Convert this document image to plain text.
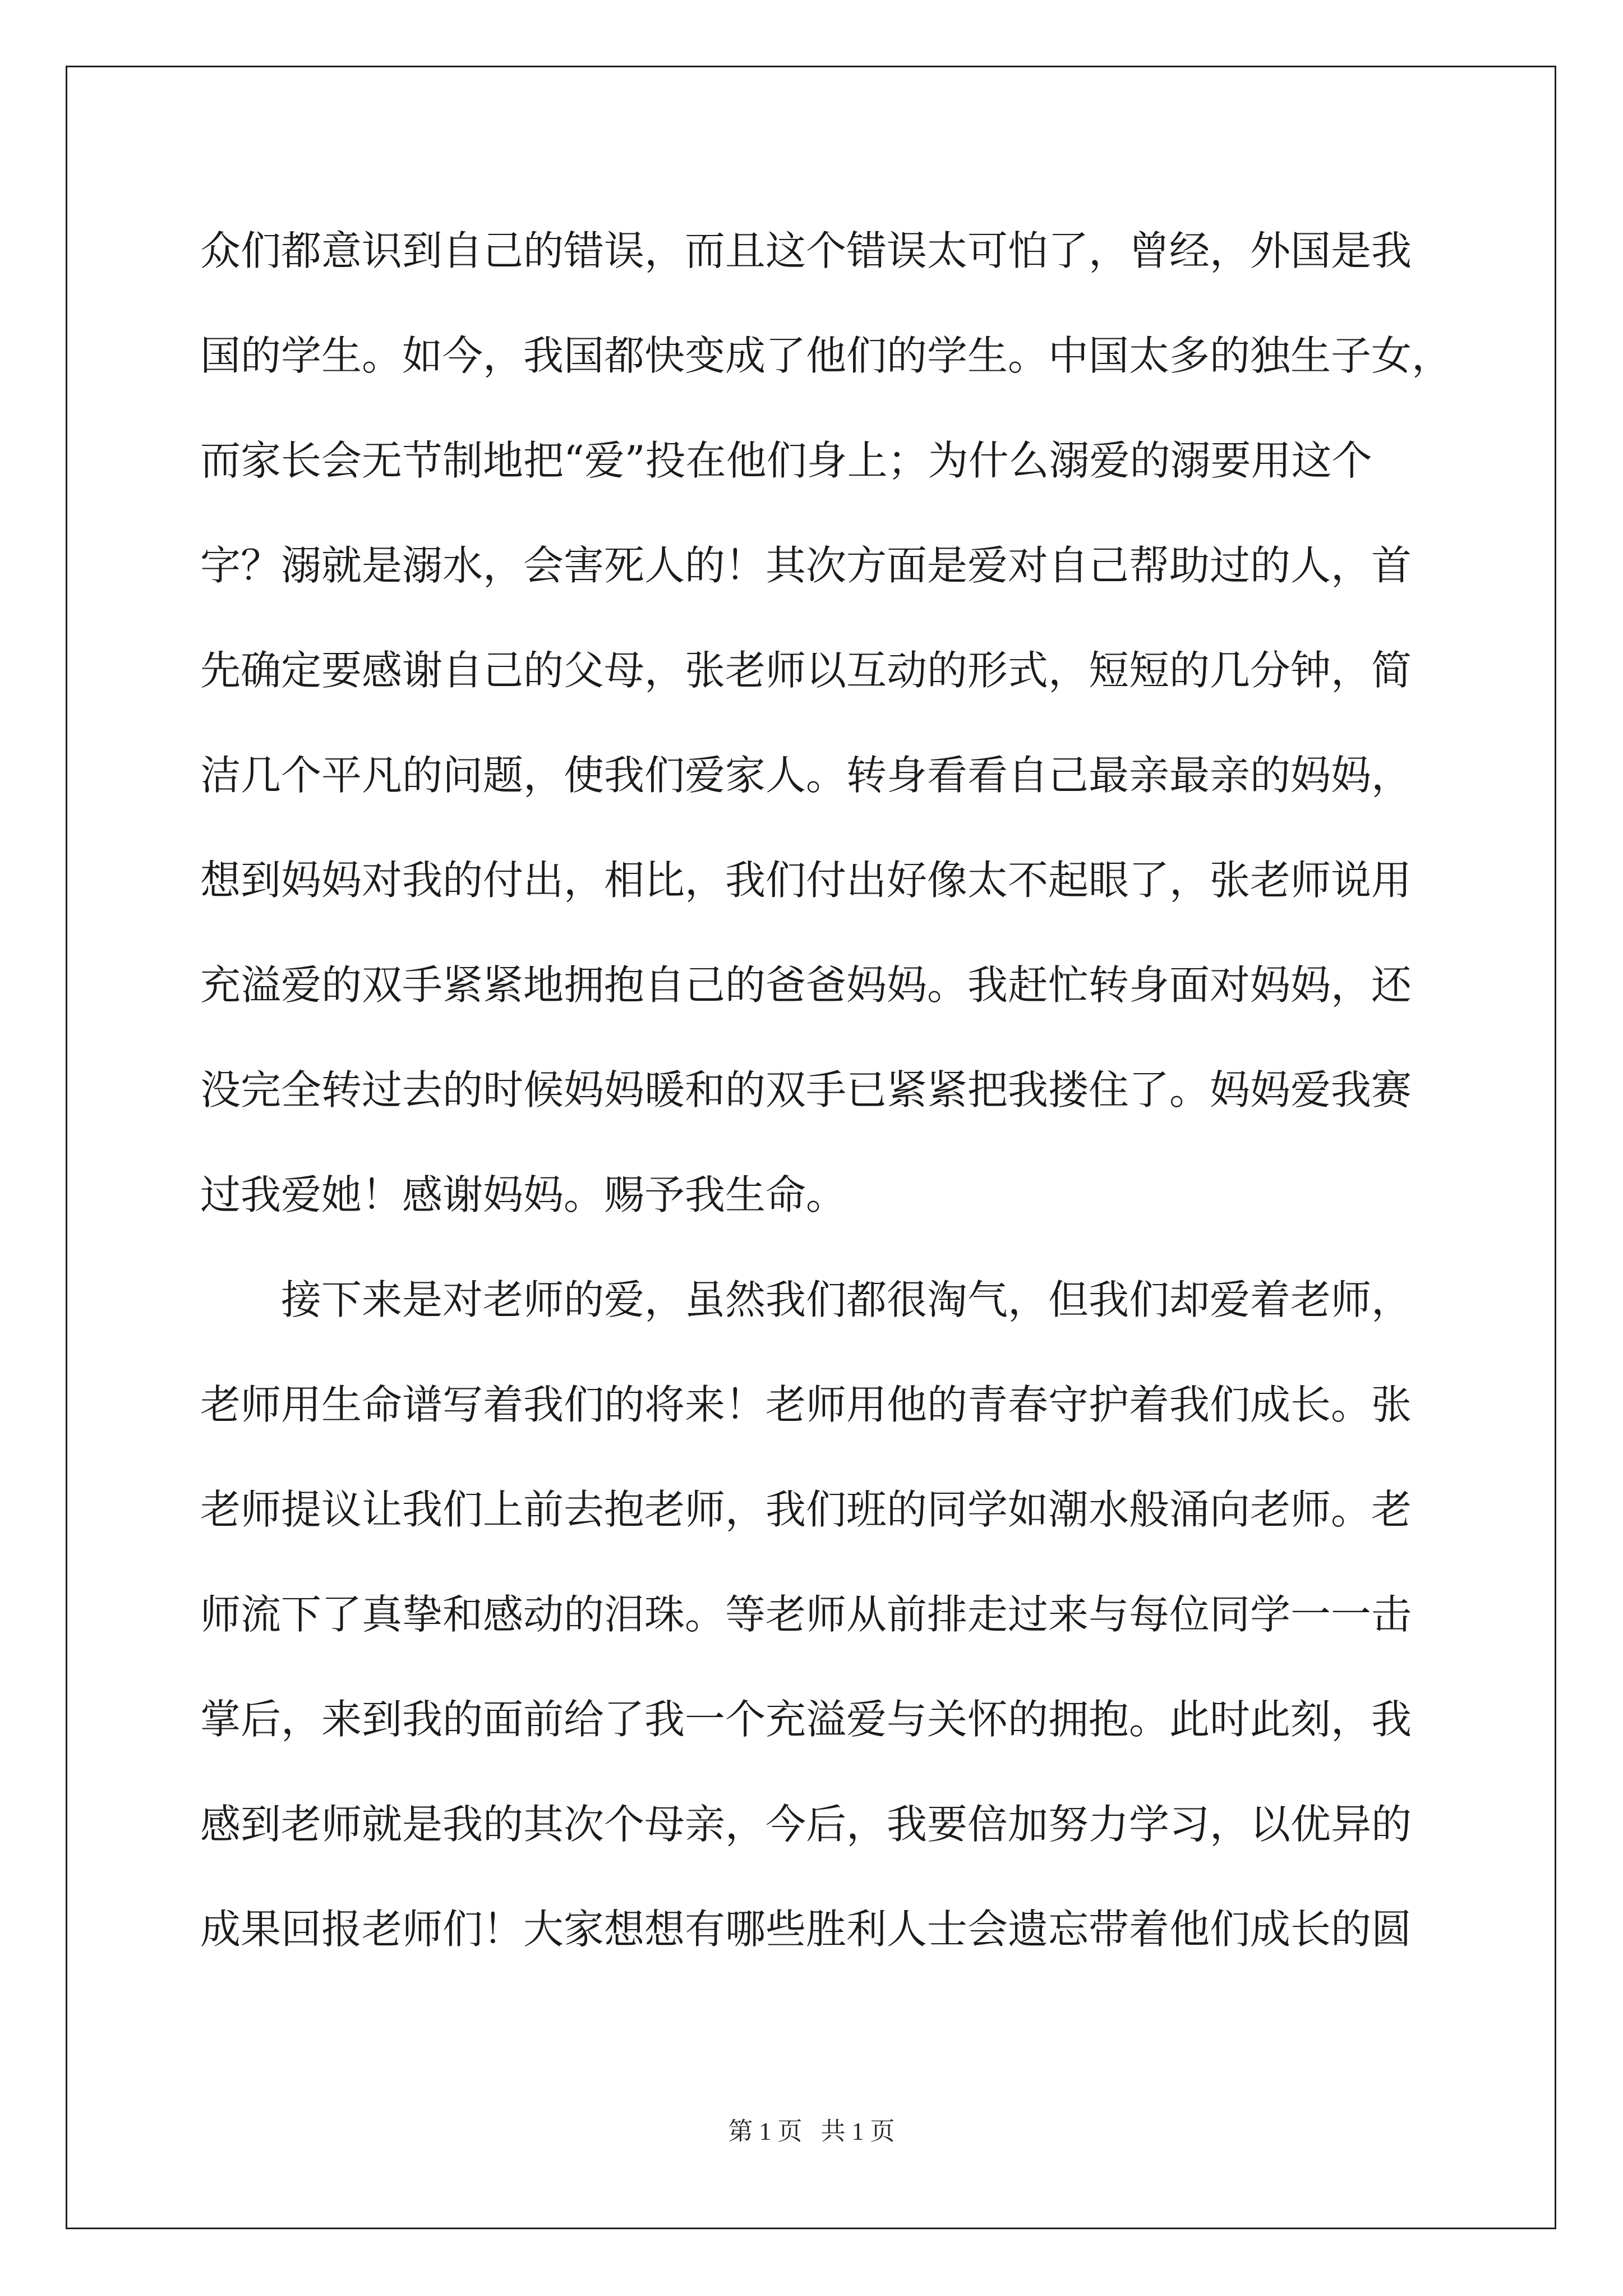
众们都意识到自己的错误，而且这个错误太可怕了，曾经，外国是我
国的学生。如今，我国都快变成了他们的学生。中国太多的独生子女，
而家长会无节制地把“爱”投在他们身上；为什么溺爱的溺要用这个
字？溺就是溺水，会害死人的！其次方面是爱对自己帮助过的人，首
先确定要感谢自己的父母，张老师以互动的形式，短短的几分钟，简
洁几个平凡的问题，使我们爱家人。转身看看自己最亲最亲的妈妈，
想到妈妈对我的付出，相比，我们付出好像太不起眼了，张老师说用
充溢爱的双手紧紧地拥抱自己的爸爸妈妈。我赶忙转身面对妈妈，还
没完全转过去的时候妈妈暖和的双手已紧紧把我搂住了。妈妈爱我赛
过我爱她！感谢妈妈。赐予我生命。
　　接下来是对老师的爱，虽然我们都很淘气，但我们却爱着老师，
老师用生命谱写着我们的将来！老师用他的青春守护着我们成长。张
老师提议让我们上前去抱老师，我们班的同学如潮水般涌向老师。老
师流下了真挚和感动的泪珠。等老师从前排走过来与每位同学一一击
掌后，来到我的面前给了我一个充溢爱与关怀的拥抱。此时此刻，我
感到老师就是我的其次个母亲，今后，我要倍加努力学习，以优异的
成果回报老师们！大家想想有哪些胜利人士会遗忘带着他们成长的圆
第 1 页   共 1 页
